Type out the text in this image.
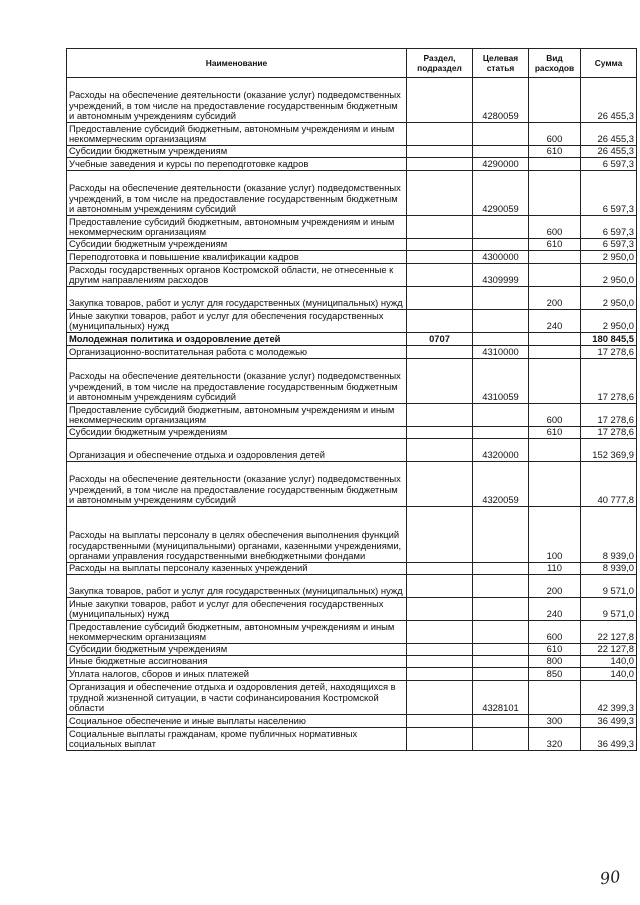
Наименование	Раздел, подраздел	Целевая статья	Вид расходов	Сумма
Расходы на обеспечение деятельности (оказание услуг) подведомственных учреждений, в том числе на предоставление государственным бюджетным и автономным учреждениям субсидий		4280059		26 455,3
Предоставление субсидий бюджетным, автономным учреждениям и иным некоммерческим организациям			600	26 455,3
Субсидии бюджетным учреждениям			610	26 455,3
Учебные заведения и курсы по переподготовке кадров		4290000		6 597,3
Расходы на обеспечение деятельности (оказание услуг) подведомственных учреждений, в том числе на предоставление государственным бюджетным и автономным учреждениям субсидий		4290059		6 597,3
Предоставление субсидий бюджетным, автономным учреждениям и иным некоммерческим организациям			600	6 597,3
Субсидии бюджетным учреждениям			610	6 597,3
Переподготовка и повышение квалификации кадров		4300000		2 950,0
Расходы государственных органов Костромской области, не отнесенные к другим направлениям расходов		4309999		2 950,0
Закупка товаров, работ и услуг для государственных (муниципальных) нужд			200	2 950,0
Иные закупки товаров, работ и услуг для обеспечения государственных (муниципальных) нужд			240	2 950,0
Молодежная политика и оздоровление детей	0707			180 845,5
Организационно-воспитательная работа с молодежью		4310000		17 278,6
Расходы на обеспечение деятельности (оказание услуг) подведомственных учреждений, в том числе на предоставление государственным бюджетным и автономным учреждениям субсидий		4310059		17 278,6
Предоставление субсидий бюджетным, автономным учреждениям и иным некоммерческим организациям			600	17 278,6
Субсидии бюджетным учреждениям			610	17 278,6
Организация и обеспечение отдыха и оздоровления детей		4320000		152 369,9
Расходы на обеспечение деятельности (оказание услуг) подведомственных учреждений, в том числе на предоставление государственным бюджетным и автономным учреждениям субсидий		4320059		40 777,8
Расходы на выплаты персоналу в целях обеспечения выполнения функций государственными (муниципальными) органами, казенными учреждениями, органами управления государственными внебюджетными фондами			100	8 939,0
Расходы на выплаты персоналу казенных учреждений			110	8 939,0
Закупка товаров, работ и услуг для государственных (муниципальных) нужд			200	9 571,0
Иные закупки товаров, работ и услуг для обеспечения государственных (муниципальных) нужд			240	9 571,0
Предоставление субсидий бюджетным, автономным учреждениям и иным некоммерческим организациям			600	22 127,8
Субсидии бюджетным учреждениям			610	22 127,8
Иные бюджетные ассигнования			800	140,0
Уплата налогов, сборов и иных платежей			850	140,0
Организация и обеспечение отдыха и оздоровления детей, находящихся в трудной жизненной ситуации, в части софинансирования Костромской области		4328101		42 399,3
Социальное обеспечение и иные выплаты населению			300	36 499,3
Социальные выплаты гражданам, кроме публичных нормативных социальных выплат			320	36 499,3
90
